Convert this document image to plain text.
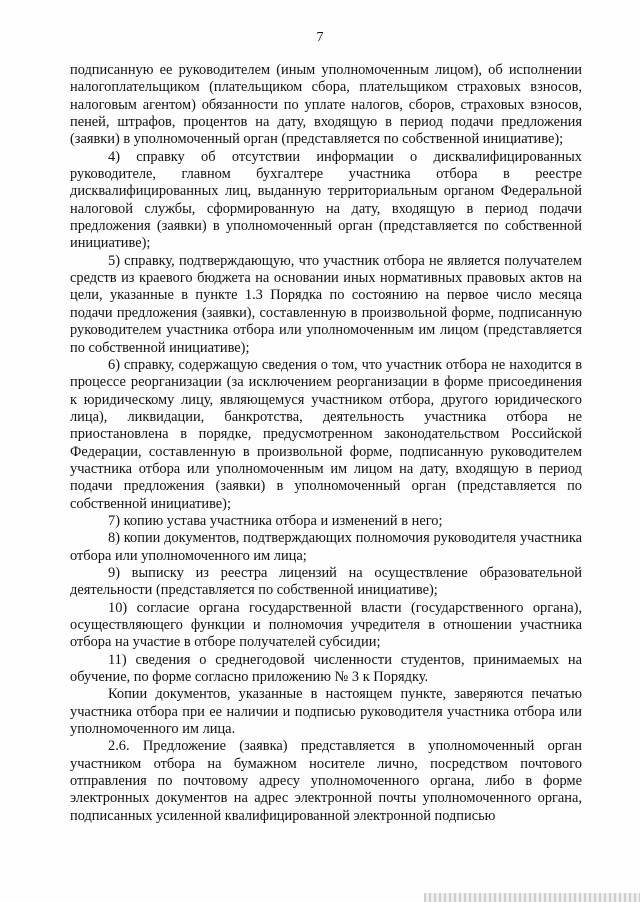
7

подписанную ее руководителем (иным уполномоченным лицом), об исполнении налогоплательщиком (плательщиком сбора, плательщиком страховых взносов, налоговым агентом) обязанности по уплате налогов, сборов, страховых взносов, пеней, штрафов, процентов на дату, входящую в период подачи предложения (заявки) в уполномоченный орган (представляется по собственной инициативе);

4) справку об отсутствии информации о дисквалифицированных руководителе, главном бухгалтере участника отбора в реестре дисквалифицированных лиц, выданную территориальным органом Федеральной налоговой службы, сформированную на дату, входящую в период подачи предложения (заявки) в уполномоченный орган (представляется по собственной инициативе);

5) справку, подтверждающую, что участник отбора не является получателем средств из краевого бюджета на основании иных нормативных правовых актов на цели, указанные в пункте 1.3 Порядка по состоянию на первое число месяца подачи предложения (заявки), составленную в произвольной форме, подписанную руководителем участника отбора или уполномоченным им лицом (представляется по собственной инициативе);

6) справку, содержащую сведения о том, что участник отбора не находится в процессе реорганизации (за исключением реорганизации в форме присоединения к юридическому лицу, являющемуся участником отбора, другого юридического лица), ликвидации, банкротства, деятельность участника отбора не приостановлена в порядке, предусмотренном законодательством Российской Федерации, составленную в произвольной форме, подписанную руководителем участника отбора или уполномоченным им лицом на дату, входящую в период подачи предложения (заявки) в уполномоченный орган (представляется по собственной инициативе);

7) копию устава участника отбора и изменений в него;

8) копии документов, подтверждающих полномочия руководителя участника отбора или уполномоченного им лица;

9) выписку из реестра лицензий на осуществление образовательной деятельности (представляется по собственной инициативе);

10) согласие органа государственной власти (государственного органа), осуществляющего функции и полномочия учредителя в отношении участника отбора на участие в отборе получателей субсидии;

11) сведения о среднегодовой численности студентов, принимаемых на обучение, по форме согласно приложению № 3 к Порядку.

Копии документов, указанные в настоящем пункте, заверяются печатью участника отбора при ее наличии и подписью руководителя участника отбора или уполномоченного им лица.

2.6. Предложение (заявка) представляется в уполномоченный орган участником отбора на бумажном носителе лично, посредством почтового отправления по почтовому адресу уполномоченного органа, либо в форме электронных документов на адрес электронной почты уполномоченного органа, подписанных усиленной квалифицированной электронной подписью
